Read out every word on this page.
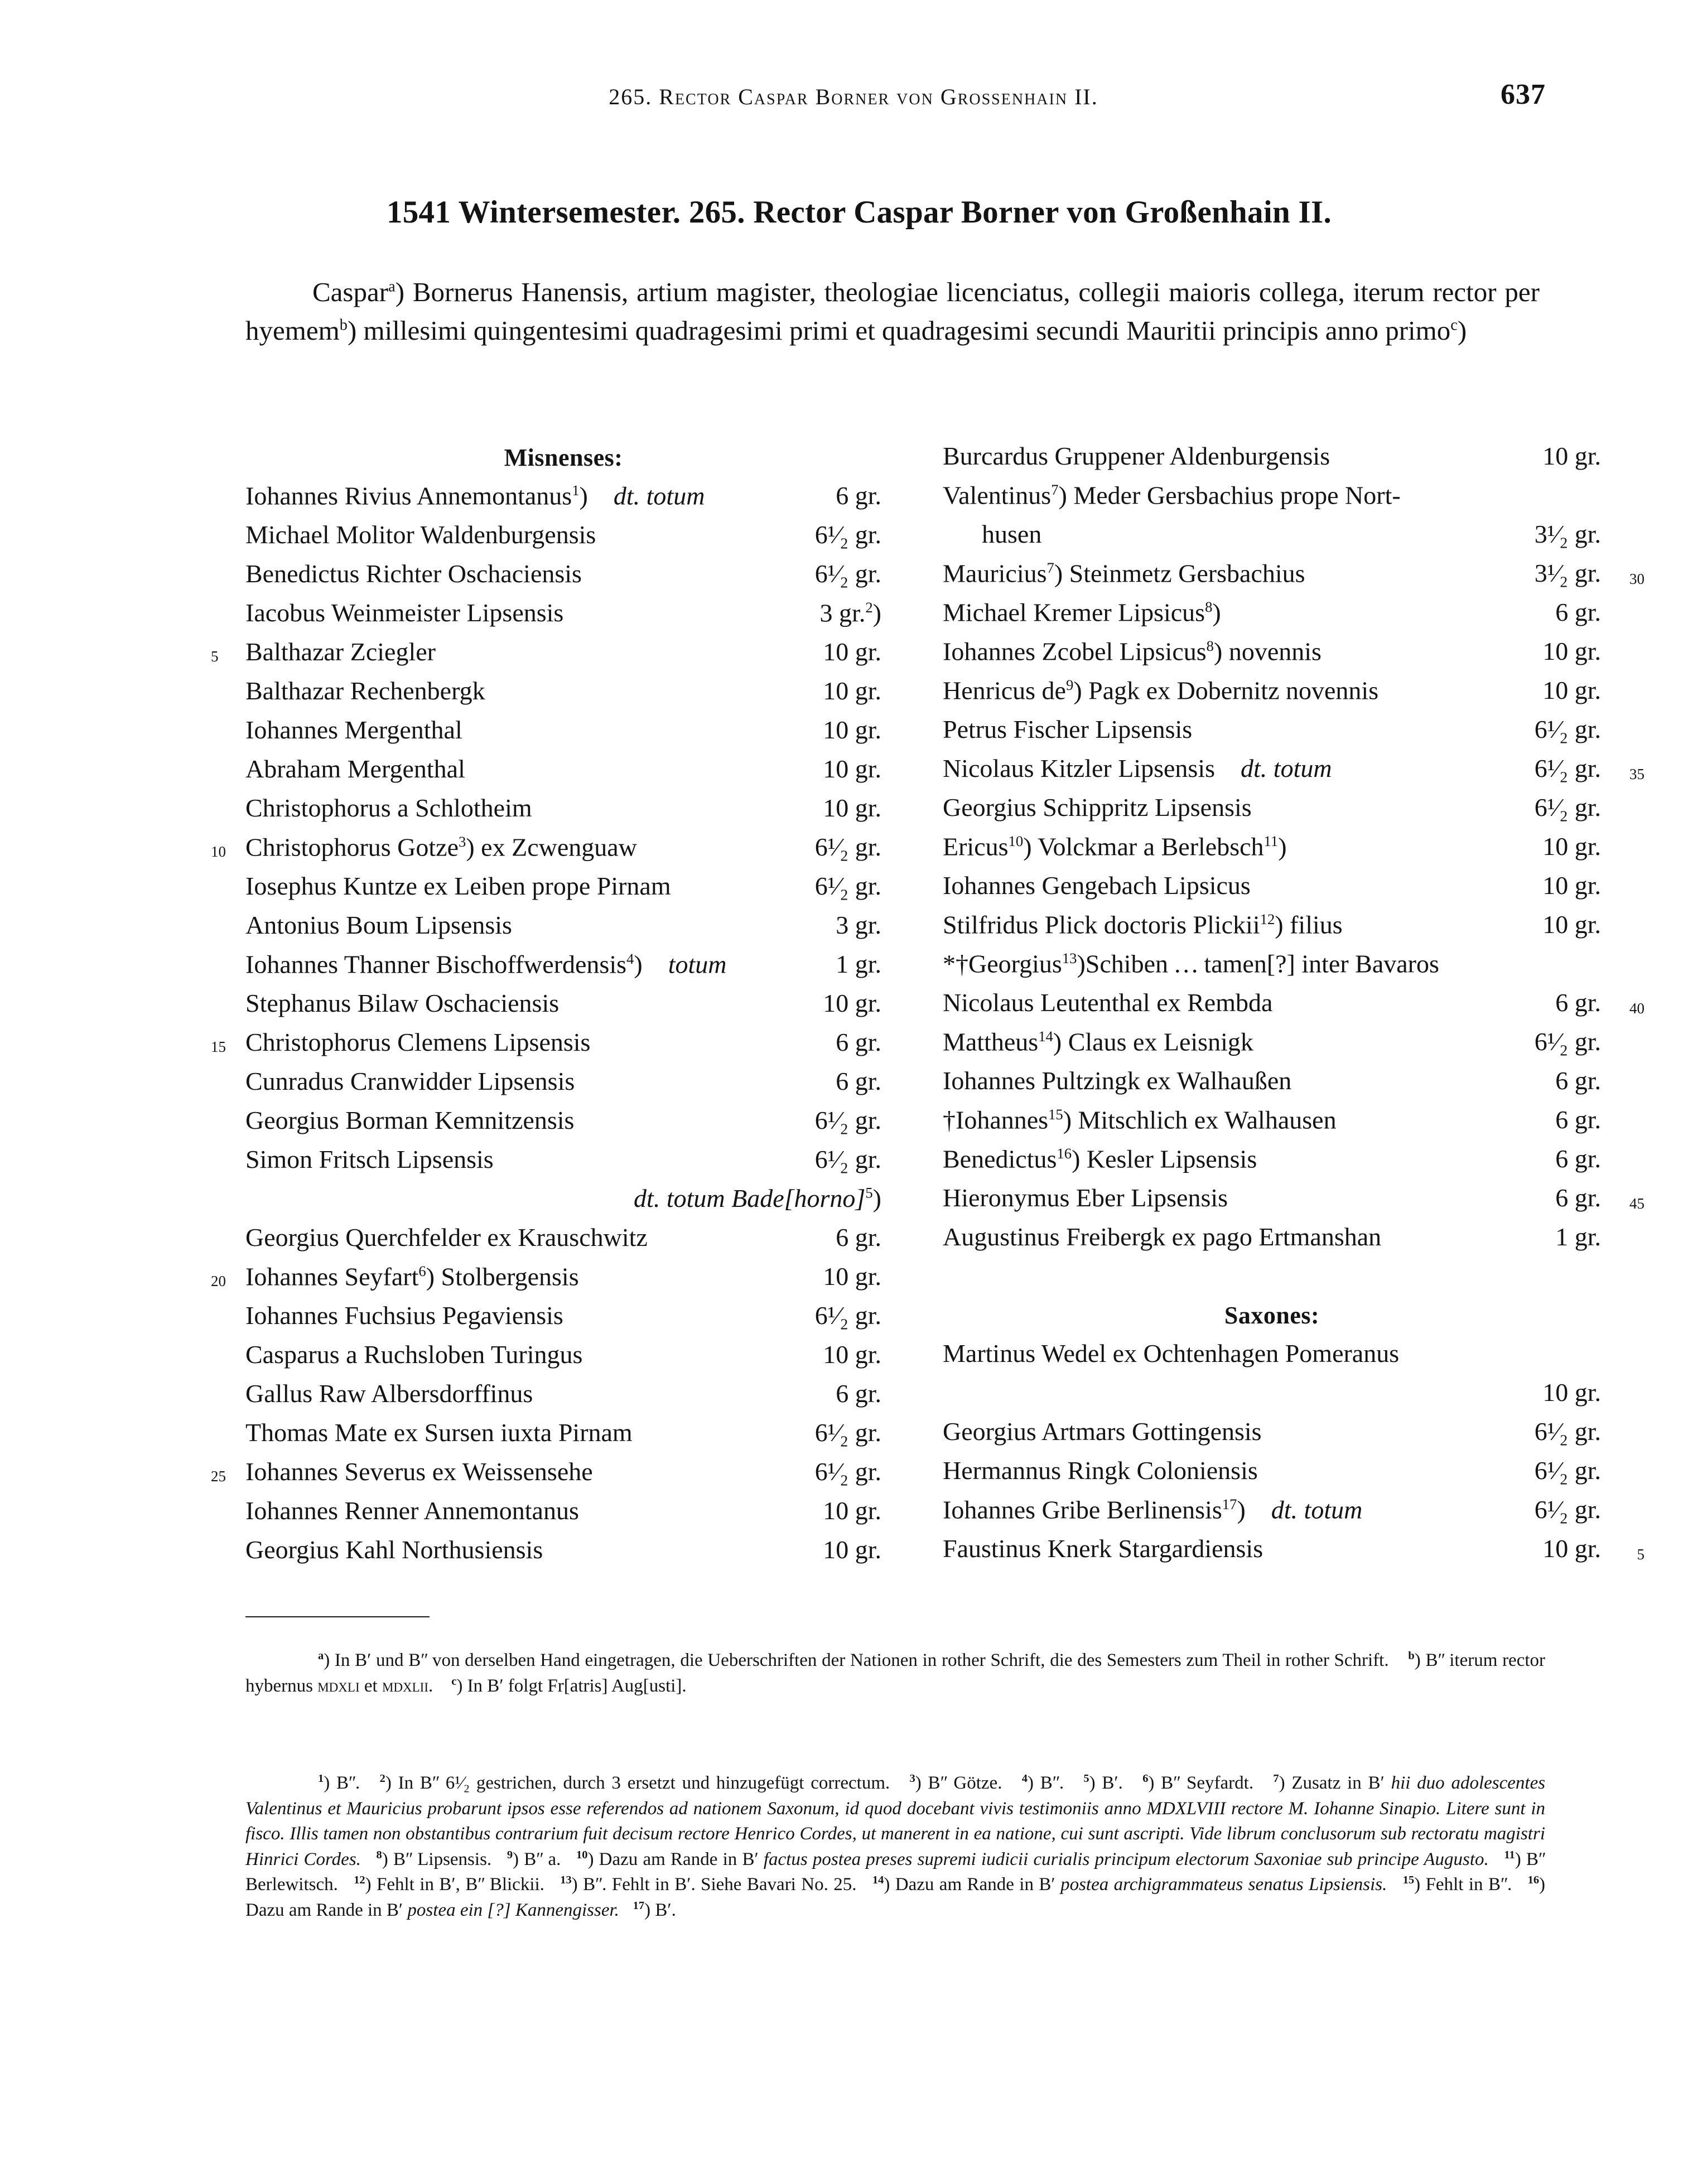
265. Rector Caspar Borner von Grossenhain II.	637
1541 Wintersemester. 265. Rector Caspar Borner von Großenhain II.
Caspar$^a$) Bornerus Hanensis, artium magister, theologiae licenciatus, collegii maioris collega, iterum rector per hyemem$^b$) millesimi quingentesimi quadragesimi primi et quadragesimi secundi Mauritii principis anno primo$^c$)
Misnenses:
Iohannes Rivius Annemontanus$^1$) dt. totum	6 gr.
Michael Molitor Waldenburgensis	6¹⁄₂ gr.
Benedictus Richter Oschaciensis	6¹⁄₂ gr.
Iacobus Weinmeister Lipsensis	3 gr.$^2$)
5 Balthazar Zciegler	10 gr.
Balthazar Rechenbergk	10 gr.
Iohannes Mergenthal	10 gr.
Abraham Mergenthal	10 gr.
Christophorus a Schlotheim	10 gr.
10 Christophorus Gotze$^3$) ex Zcwenguaw	6¹⁄₂ gr.
Iosephus Kuntze ex Leiben prope Pirnam	6¹⁄₂ gr.
Antonius Boum Lipsensis	3 gr.
Iohannes Thanner Bischoffwerdensis$^4$) totum	1 gr.
Stephanus Bilaw Oschaciensis	10 gr.
15 Christophorus Clemens Lipsensis	6 gr.
Cunradus Cranwidder Lipsensis	6 gr.
Georgius Borman Kemnitzensis	6¹⁄₂ gr.
Simon Fritsch Lipsensis	6¹⁄₂ gr.
dt. totum Bade[horno]$^5$)
Georgius Querchfelder ex Krauschwitz	6 gr.
20 Iohannes Seyfart$^6$) Stolbergensis	10 gr.
Iohannes Fuchsius Pegaviensis	6¹⁄₂ gr.
Casparus a Ruchsloben Turingus	10 gr.
Gallus Raw Albersdorffinus	6 gr.
Thomas Mate ex Sursen iuxta Pirnam	6¹⁄₂ gr.
25 Iohannes Severus ex Weissensehe	6¹⁄₂ gr.
Iohannes Renner Annemontanus	10 gr.
Georgius Kahl Northusiensis	10 gr.
Burcardus Gruppener Aldenburgensis	10 gr.
Valentinus$^7$) Meder Gersbachius prope Nort-
husen	3¹⁄₂ gr.
30
Mauricius$^7$) Steinmetz Gersbachius	3¹⁄₂ gr.
Michael Kremer Lipsicus$^8$)	6 gr.
Iohannes Zcobel Lipsicus$^8$) novennis	10 gr.
Henricus $de^9$) Pagk ex Dobernitz novennis	10 gr.
Petrus Fischer Lipsensis	6¹⁄₂ gr.
35
Nicolaus Kitzler Lipsensis dt. totum	6¹⁄₂ gr.
Georgius Schippritz Lipsensis	6¹⁄₂ gr.
Ericus$^{10}$) Volckmar a Berlebsch$^{11}$)	10 gr.
Iohannes Gengebach Lipsicus	10 gr.
Stilfridus Plick doctoris Plickii$^{12}$) filius	10 gr.
*†Georgius$^{13}$)Schiben … tamen[?] inter Bavaros
40
Nicolaus Leutenthal ex Rembda	6 gr.
Mattheus$^{14}$) Claus ex Leisnigk	6¹⁄₂ gr.
Iohannes Pultzingk ex Walhaußen	6 gr.
†Iohannes$^{15}$) Mitschlich ex Walhausen	6 gr.
Benedictus$^{16}$) Kesler Lipsensis	6 gr.
45
Hieronymus Eber Lipsensis	6 gr.
Augustinus Freibergk ex pago Ertmanshan	1 gr.
Saxones:
Martinus Wedel ex Ochtenhagen Pomeranus
10 gr.
Georgius Artmars Gottingensis	6¹⁄₂ gr.
Hermannus Ringk Coloniensis	6¹⁄₂ gr.
Iohannes Gribe Berlinensis$^{17}$) dt. totum	6¹⁄₂ gr.
5
Faustinus Knerk Stargardiensis	10 gr.
$^a$) In Bʹ und Bʺ von derselben Hand eingetragen, die Ueberschriften der Nationen in rother Schrift, die des Semesters zum Theil in rother Schrift. $^b$) Bʺ iterum rector hybernus mdxli et mdxlii. $^c$) In Bʹ folgt Fr[atris] Aug[usti].
$^1$) Bʺ. $^2$) In Bʺ 6¹⁄₂ gestrichen, durch 3 ersetzt und hinzugefügt correctum. $^3$) Bʺ Götze. $^4$) Bʺ. $^5$) Bʹ. $^6$) Bʺ Seyfardt. $^7$) Zusatz in Bʹ hii duo adolescentes Valentinus et Mauricius probarunt ipsos esse referendos ad nationem Saxonum, id quod docebant vivis testimoniis anno MDXLVIII rectore M. Iohanne Sinapio. Litere sunt in fisco. Illis tamen non obstantibus contrarium fuit decisum rectore Henrico Cordes, ut manerent in ea natione, cui sunt ascripti. Vide librum conclusorum sub rectoratu magistri Hinrici Cordes. $^8$) Bʺ Lipsensis. $^9$) Bʺ a. $^{10}$) Dazu am Rande in Bʹ factus postea preses supremi iudicii curialis principum electorum Saxoniae sub principe Augusto. $^{11}$) Bʺ Berlewitsch. $^{12}$) Fehlt in Bʹ, Bʺ Blickii. $^{13}$) Bʺ. Fehlt in Bʹ. Siehe Bavari No. 25. $^{14}$) Dazu am Rande in Bʹ postea archigrammateus senatus Lipsiensis. $^{15}$) Fehlt in Bʺ. $^{16}$) Dazu am Rande in Bʹ postea ein [?] Kannengisser. $^{17}$) Bʹ.
